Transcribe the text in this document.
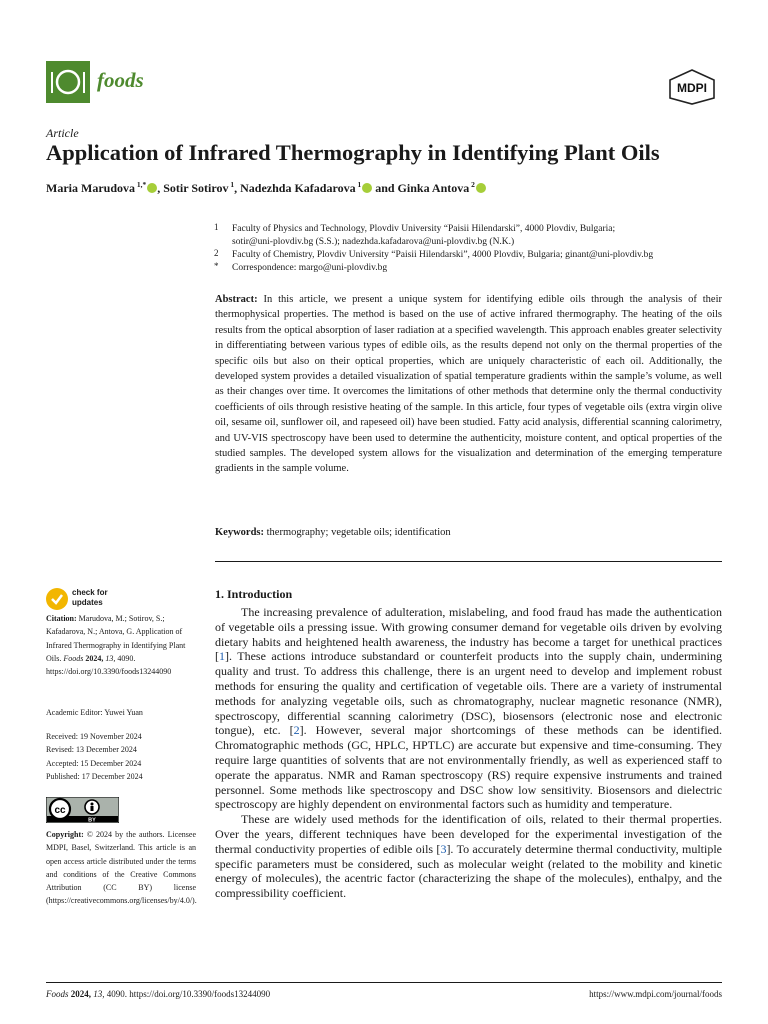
foods	MDPI
Article
Application of Infrared Thermography in Identifying Plant Oils
Maria Marudova $^{1,*}$ , Sotir Sotirov $^1$, Nadezhda Kafadarova $^1$ and Ginka Antova $^2$
1 Faculty of Physics and Technology, Plovdiv University “Paisii Hilendarski”, 4000 Plovdiv, Bulgaria;
sotir@uni-plovdiv.bg (S.S.); nadezhda.kafadarova@uni-plovdiv.bg (N.K.)
2 Faculty of Chemistry, Plovdiv University “Paisii Hilendarski”, 4000 Plovdiv, Bulgaria; ginant@uni-plovdiv.bg
* Correspondence: margo@uni-plovdiv.bg
Abstract: In this article, we present a unique system for identifying edible oils through the analysis of their thermophysical properties. The method is based on the use of active infrared thermography. The heating of the oils results from the optical absorption of laser radiation at a specified wavelength. This approach enables greater selectivity in differentiating between various types of edible oils, as the results depend not only on the thermal properties of the specific oils but also on their optical properties, which are uniquely characteristic of each oil. Additionally, the developed system provides a detailed visualization of spatial temperature gradients within the sample’s volume, as well as their changes over time. It overcomes the limitations of other methods that determine only the thermal conductivity coefficients of oils through resistive heating of the sample. In this article, four types of vegetable oils (extra virgin olive oil, sesame oil, sunflower oil, and rapeseed oil) have been studied. Fatty acid analysis, differential scanning calorimetry, and UV-VIS spectroscopy have been used to determine the authenticity, moisture content, and optical properties of the studied samples. The developed system allows for the visualization and determination of the emerging temperature gradients in the sample volume.
Keywords: thermography; vegetable oils; identification
check for
updates
Citation: Marudova, M.; Sotirov, S.; Kafadarova, N.; Antova, G. Application of Infrared Thermography in Identifying Plant Oils. Foods 2024, 13, 4090. https://doi.org/10.3390/foods13244090
Academic Editor: Yuwei Yuan
Received: 19 November 2024
Revised: 13 December 2024
Accepted: 15 December 2024
Published: 17 December 2024
cc
BY
Copyright: © 2024 by the authors. Licensee MDPI, Basel, Switzerland. This article is an open access article distributed under the terms and conditions of the Creative Commons Attribution (CC BY) license (https://creativecommons.org/licenses/by/4.0/).
1. Introduction

The increasing prevalence of adulteration, mislabeling, and food fraud has made the authentication of vegetable oils a pressing issue. With growing consumer demand for vegetable oils driven by evolving dietary habits and heightened health awareness, the industry has become a target for unethical practices [1]. These actions introduce substandard or counterfeit products into the supply chain, undermining quality and trust. To address this challenge, there is an urgent need to develop and implement robust methods for ensuring the quality and certification of vegetable oils. There are a variety of instrumental methods for analyzing vegetable oils, such as chromatography, nuclear magnetic resonance (NMR), spectroscopy, differential scanning calorimetry (DSC), biosensors (electronic nose and electronic tongue), etc. [2]. However, several major shortcomings of these methods can be identified. Chromatographic methods (GC, HPLC, HPTLC) are accurate but expensive and time-consuming. They require large quantities of solvents that are not environmentally friendly, as well as experienced staff to operate the apparatus. NMR and Raman spectroscopy (RS) require expensive instruments and trained personnel. Some methods like spectroscopy and DSC show low sensitivity. Biosensors and dielectric spectroscopy are highly dependent on environmental factors such as humidity and temperature.

These are widely used methods for the identification of oils, related to their thermal properties. Over the years, different techniques have been developed for the experimental investigation of the thermal conductivity properties of edible oils [3]. To accurately determine thermal conductivity, multiple specific parameters must be considered, such as molecular weight (related to the mobility and kinetic energy of molecules), the acentric factor (characterizing the shape of the molecules), enthalpy, and the compressibility coefficient.

Foods 2024, 13, 4090. https://doi.org/10.3390/foods13244090	https://www.mdpi.com/journal/foods
